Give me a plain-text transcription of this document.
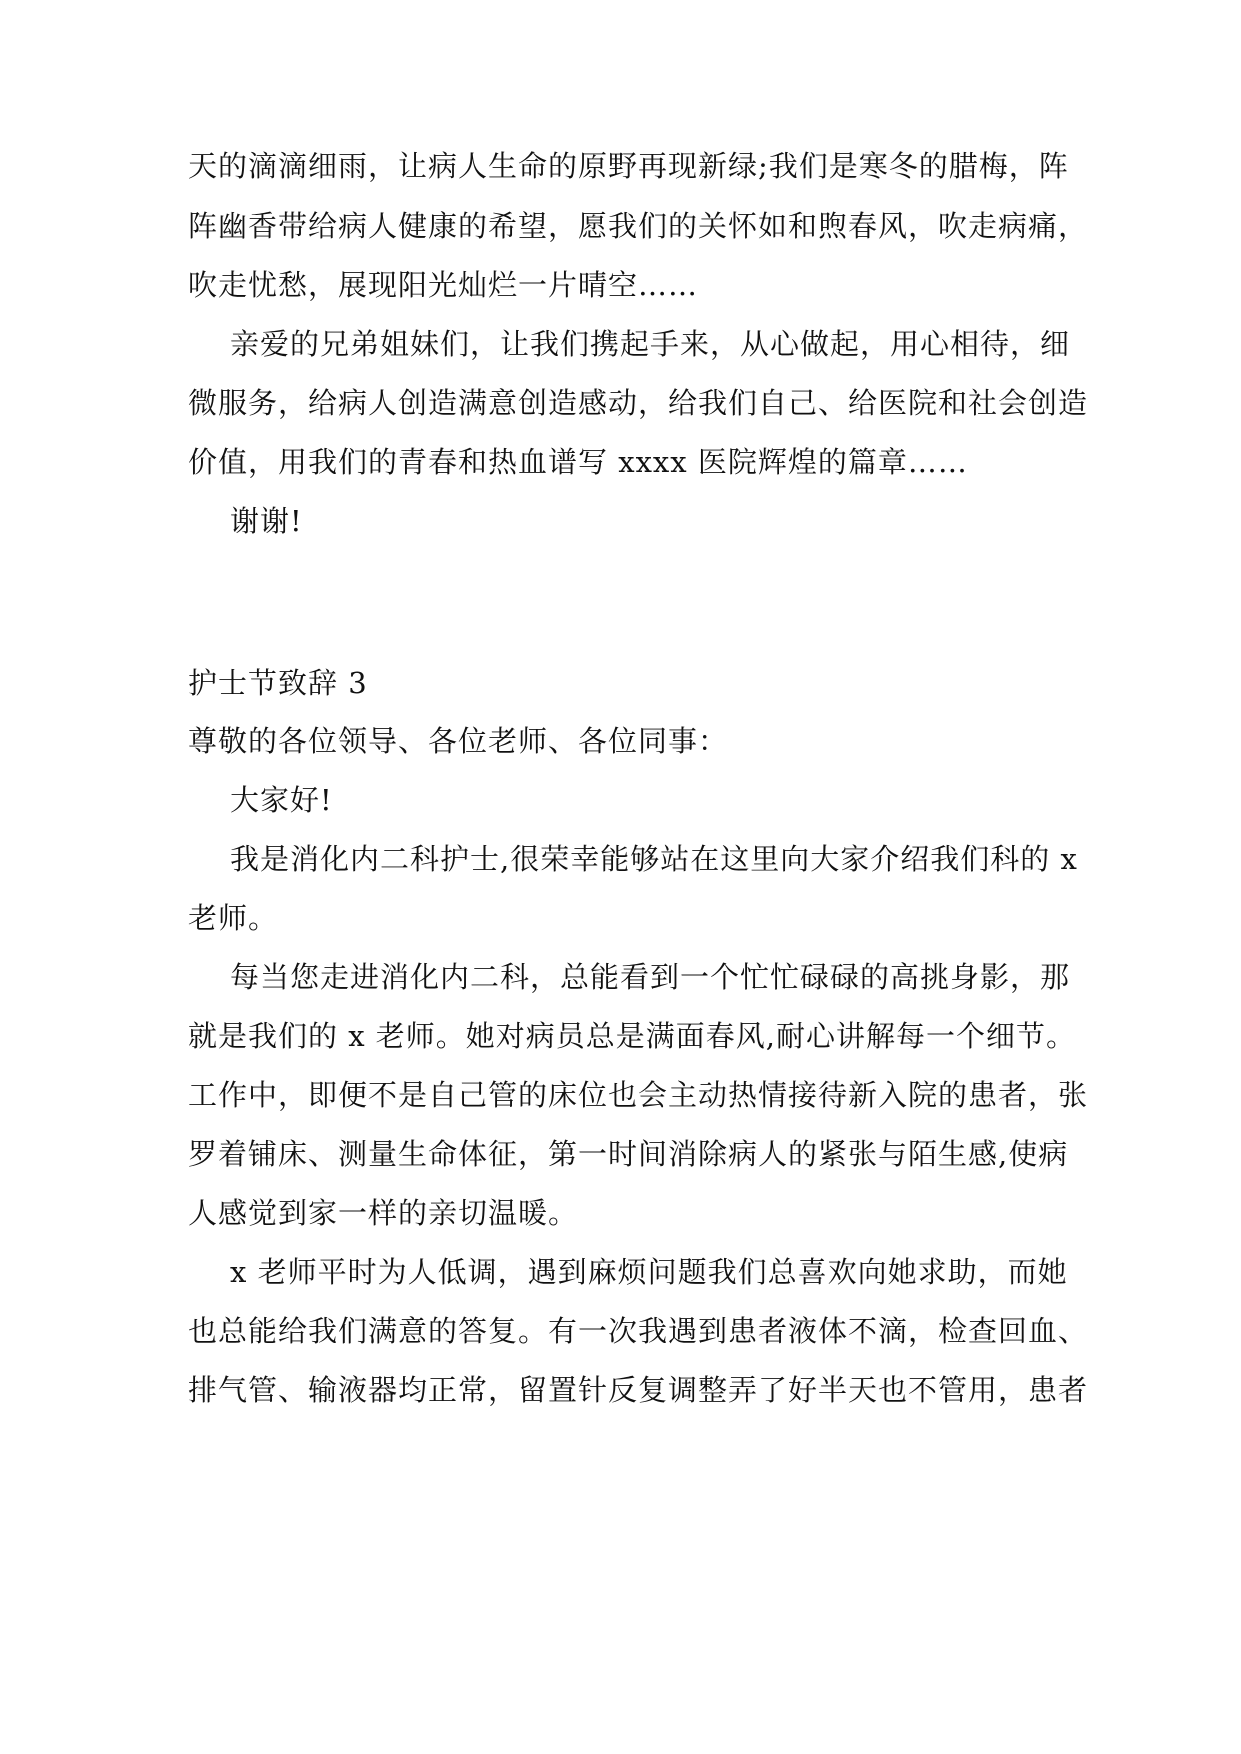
天的滴滴细雨，让病人生命的原野再现新绿;我们是寒冬的腊梅，阵

阵幽香带给病人健康的希望，愿我们的关怀如和煦春风，吹走病痛，

吹走忧愁，展现阳光灿烂一片晴空……

亲爱的兄弟姐妹们，让我们携起手来，从心做起，用心相待，细

微服务，给病人创造满意创造感动，给我们自己、给医院和社会创造

价值，用我们的青春和热血谱写 xxxx 医院辉煌的篇章……

谢谢!

护士节致辞 3

尊敬的各位领导、各位老师、各位同事：

大家好!

我是消化内二科护士,很荣幸能够站在这里向大家介绍我们科的 x

老师。

每当您走进消化内二科，总能看到一个忙忙碌碌的高挑身影，那

就是我们的 x 老师。她对病员总是满面春风,耐心讲解每一个细节。

工作中，即便不是自己管的床位也会主动热情接待新入院的患者，张

罗着铺床、测量生命体征，第一时间消除病人的紧张与陌生感,使病

人感觉到家一样的亲切温暖。

x 老师平时为人低调，遇到麻烦问题我们总喜欢向她求助，而她

也总能给我们满意的答复。有一次我遇到患者液体不滴，检查回血、

排气管、输液器均正常，留置针反复调整弄了好半天也不管用，患者
